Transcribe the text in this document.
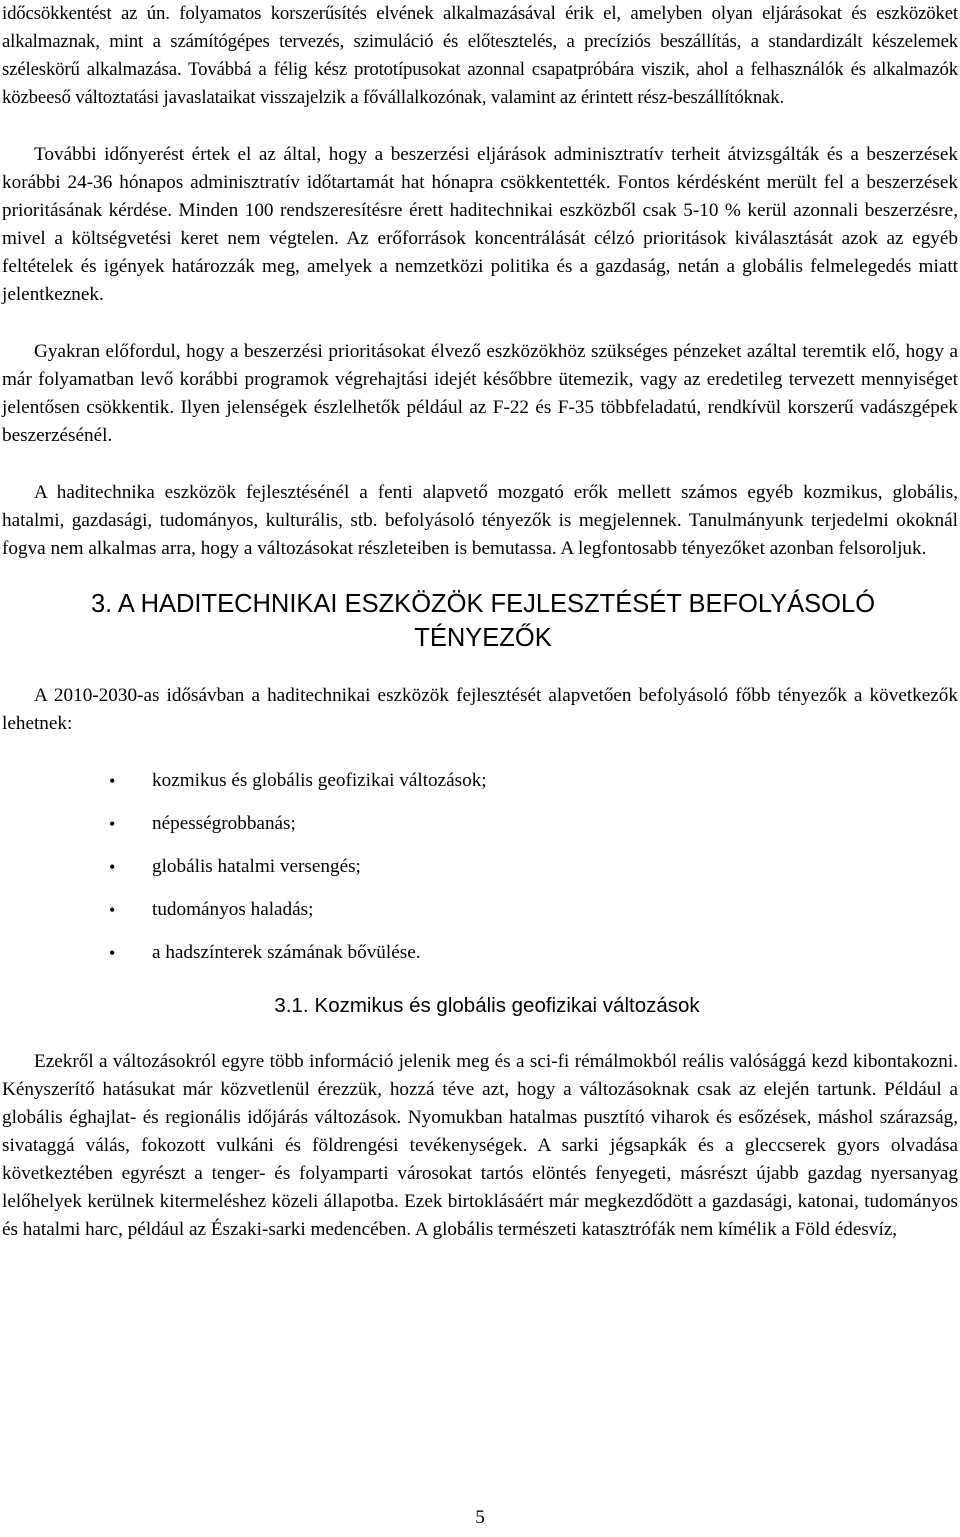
időcsökkentést az ún. folyamatos korszerűsítés elvének alkalmazásával érik el, amelyben olyan eljárásokat és eszközöket alkalmaznak, mint a számítógépes tervezés, szimuláció és előtesztelés, a precíziós beszállítás, a standardizált készelemek széleskörű alkalmazása. Továbbá a félig kész prototípusokat azonnal csapatpróbára viszik, ahol a felhasználók és alkalmazók közbeeső változtatási javaslataikat visszajelzik a fővállalkozónak, valamint az érintett rész-beszállítóknak.

További időnyerést értek el az által, hogy a beszerzési eljárások adminisztratív terheit átvizsgálták és a beszerzések korábbi 24-36 hónapos adminisztratív időtartamát hat hónapra csökkentették. Fontos kérdésként merült fel a beszerzések prioritásának kérdése. Minden 100 rendszeresítésre érett haditechnikai eszközből csak 5-10 % kerül azonnali beszerzésre, mivel a költségvetési keret nem végtelen. Az erőforrások koncentrálását célzó prioritások kiválasztását azok az egyéb feltételek és igények határozzák meg, amelyek a nemzetközi politika és a gazdaság, netán a globális felmelegedés miatt jelentkeznek.

Gyakran előfordul, hogy a beszerzési prioritásokat élvező eszközökhöz szükséges pénzeket azáltal teremtik elő, hogy a már folyamatban levő korábbi programok végrehajtási idejét későbbre ütemezik, vagy az eredetileg tervezett mennyiséget jelentősen csökkentik. Ilyen jelenségek észlelhetők például az F-22 és F-35 többfeladatú, rendkívül korszerű vadászgépek beszerzésénél.

A haditechnika eszközök fejlesztésénél a fenti alapvető mozgató erők mellett számos egyéb kozmikus, globális, hatalmi, gazdasági, tudományos, kulturális, stb. befolyásoló tényezők is megjelennek. Tanulmányunk terjedelmi okoknál fogva nem alkalmas arra, hogy a változásokat részleteiben is bemutassa. A legfontosabb tényezőket azonban felsoroljuk.

3. A HADITECHNIKAI ESZKÖZÖK FEJLESZTÉSÉT BEFOLYÁSOLÓ
TÉNYEZŐK

A 2010-2030-as idősávban a haditechnikai eszközök fejlesztését alapvetően befolyásoló főbb tényezők a következők lehetnek:

• kozmikus és globális geofizikai változások;
• népességrobbanás;
• globális hatalmi versengés;
• tudományos haladás;
• a hadszínterek számának bővülése.
3.1. Kozmikus és globális geofizikai változások

Ezekről a változásokról egyre több információ jelenik meg és a sci-fi rémálmokból reális valósággá kezd kibontakozni. Kényszerítő hatásukat már közvetlenül érezzük, hozzá téve azt, hogy a változásoknak csak az elején tartunk. Például a globális éghajlat- és regionális időjárás változások. Nyomukban hatalmas pusztító viharok és esőzések, máshol szárazság, sivataggá válás, fokozott vulkáni és földrengési tevékenységek. A sarki jégsapkák és a gleccserek gyors olvadása következtében egyrészt a tenger- és folyamparti városokat tartós elöntés fenyegeti, másrészt újabb gazdag nyersanyag lelőhelyek kerülnek kitermeléshez közeli állapotba. Ezek birtoklásáért már megkezdődött a gazdasági, katonai, tudományos és hatalmi harc, például az Északi-sarki medencében. A globális természeti katasztrófák nem kímélik a Föld édesvíz,

5
